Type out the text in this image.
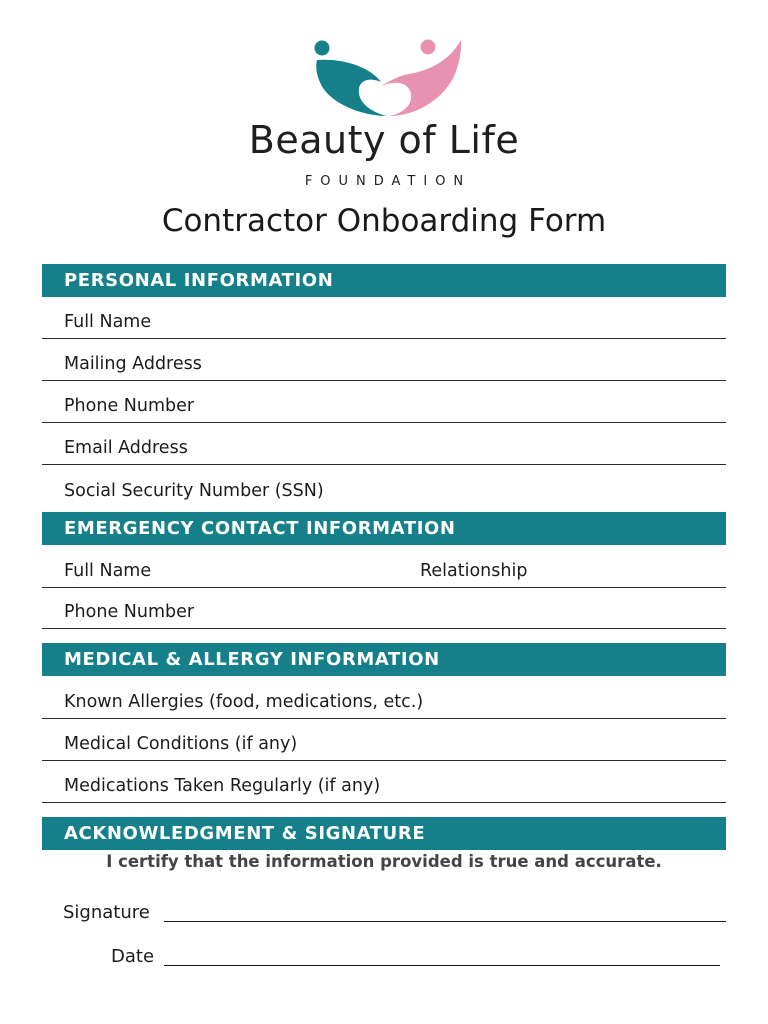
Beauty of Life
FOUNDATION
Contractor Onboarding Form
PERSONAL INFORMATION
Full Name
Mailing Address
Phone Number
Email Address
Social Security Number (SSN)
EMERGENCY CONTACT INFORMATION
Full Name	Relationship
Phone Number
MEDICAL & ALLERGY INFORMATION
Known Allergies (food, medications, etc.)
Medical Conditions (if any)
Medications Taken Regularly (if any)
ACKNOWLEDGMENT & SIGNATURE
I certify that the information provided is true and accurate.
Signature
Date
